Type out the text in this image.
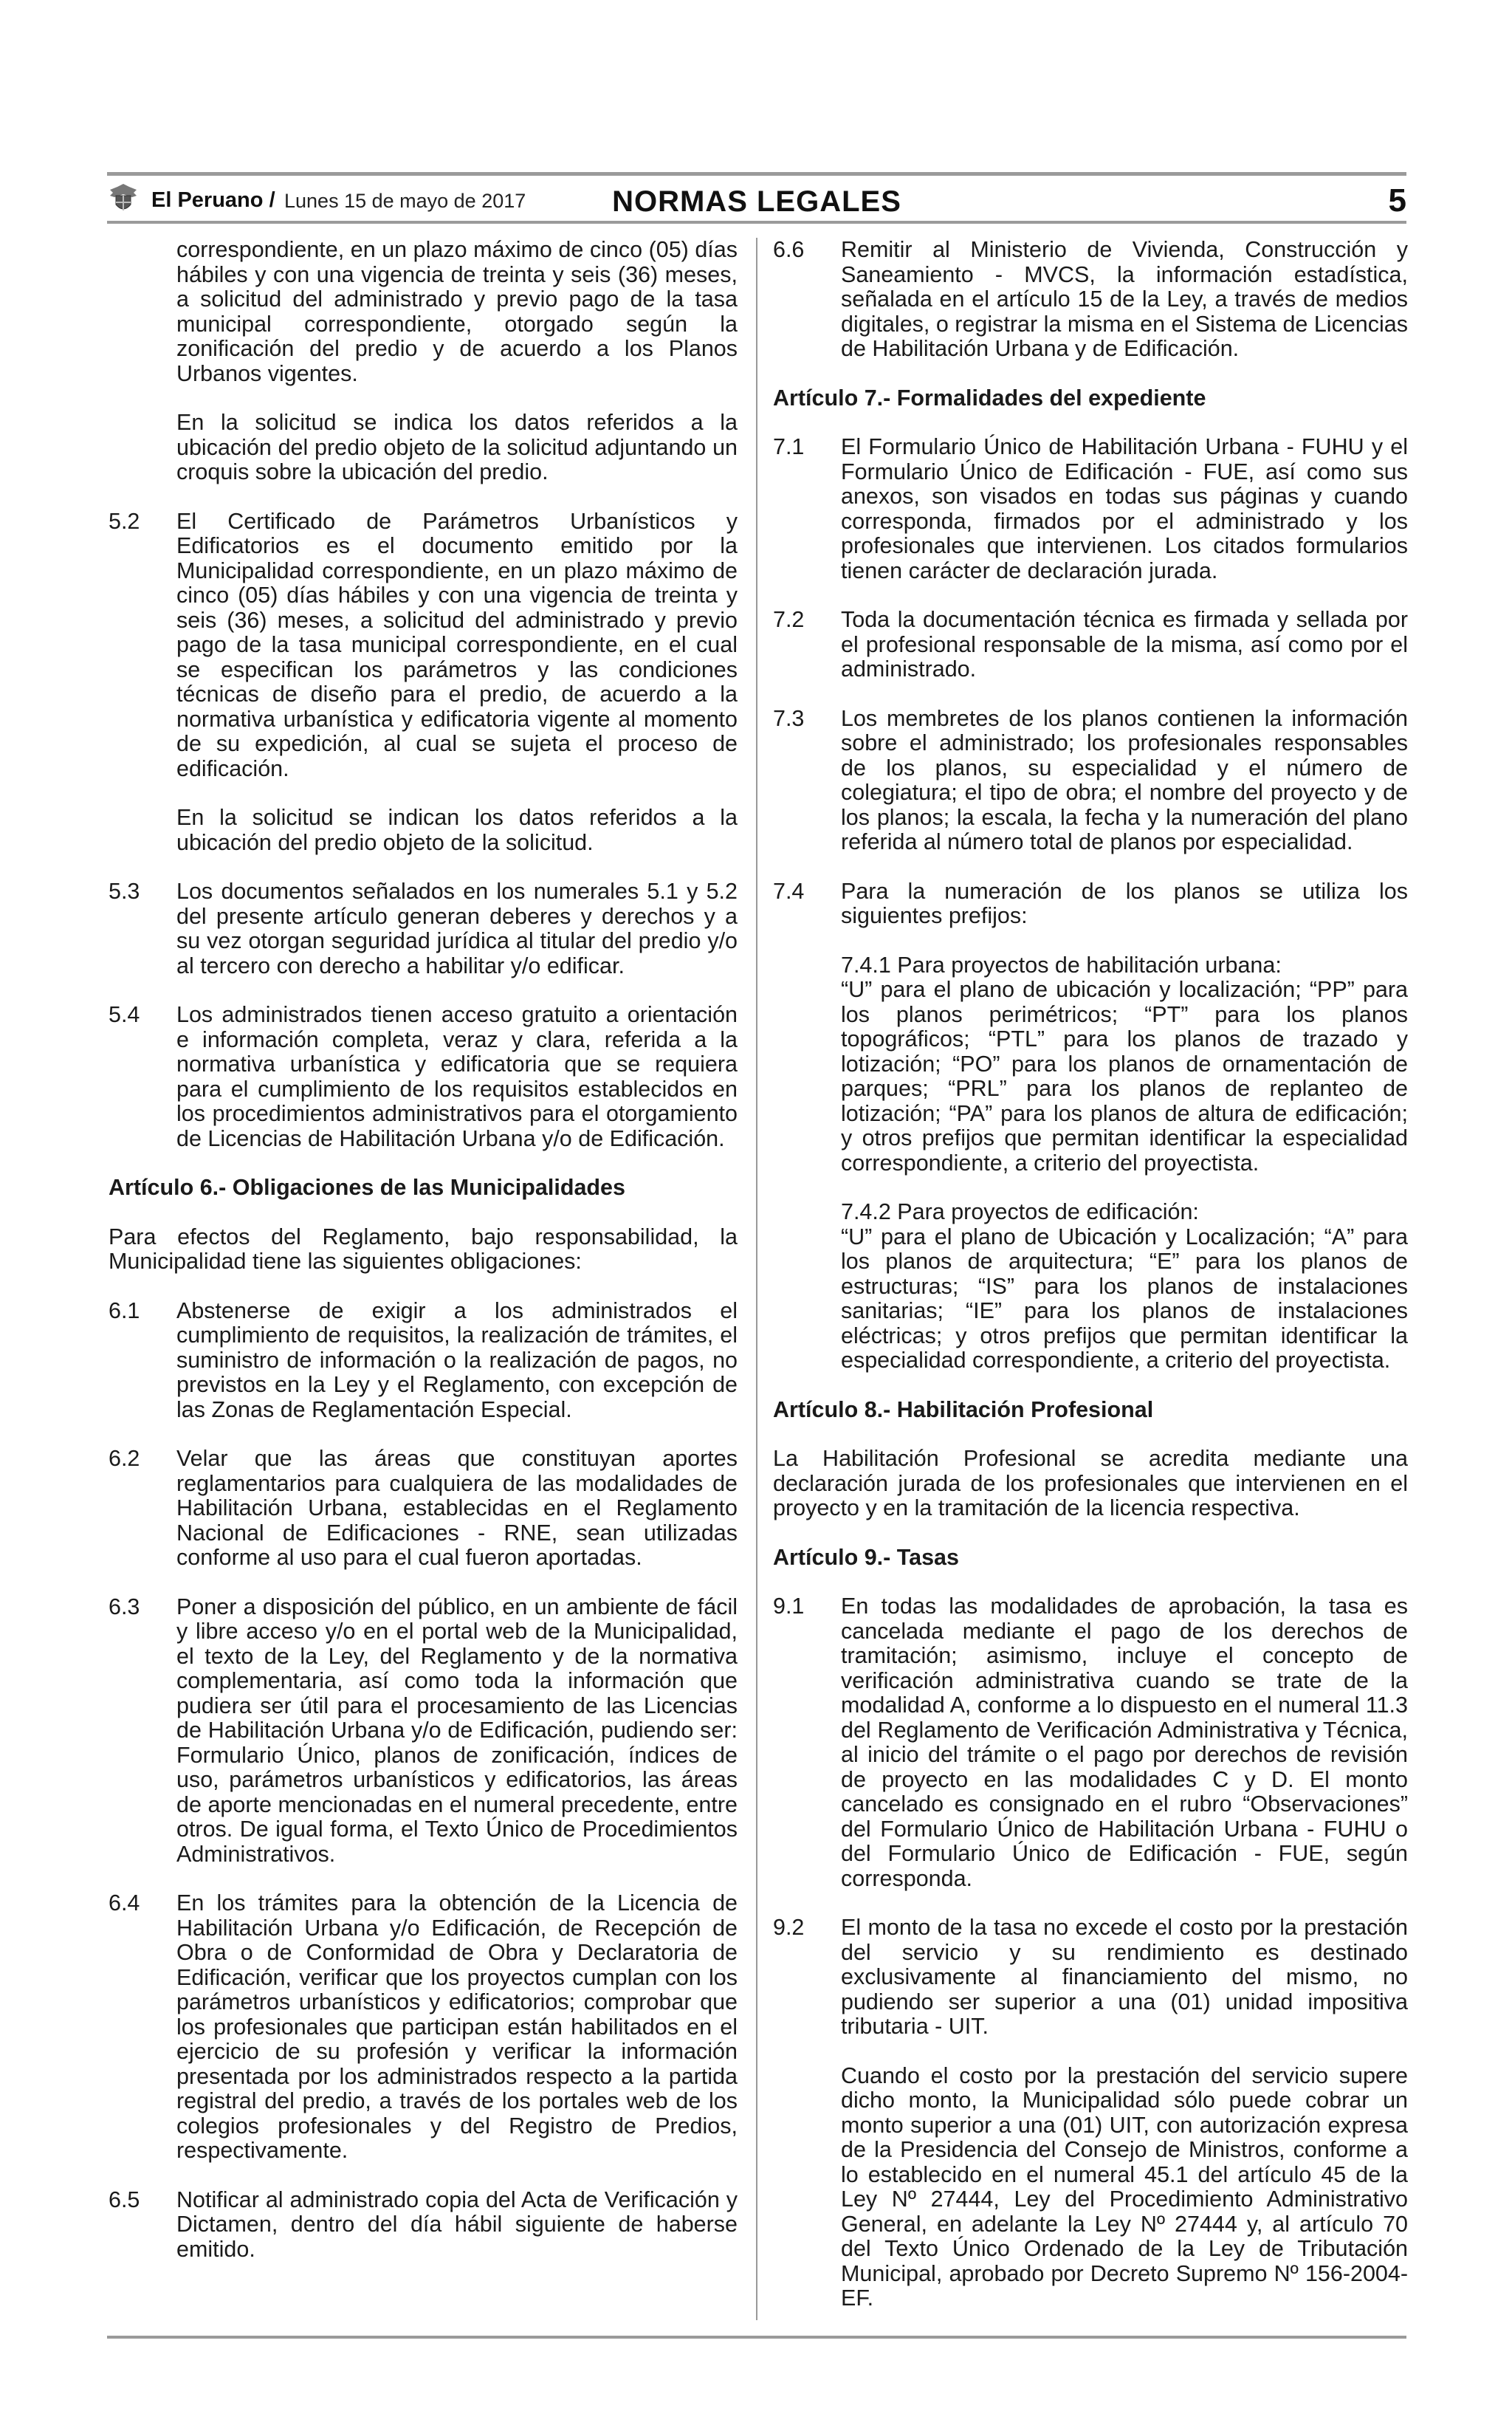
El Peruano / Lunes 15 de mayo de 2017	NORMAS LEGALES	5
correspondiente, en un plazo máximo de cinco (05) días hábiles y con una vigencia de treinta y seis (36) meses, a solicitud del administrado y previo pago de la tasa municipal correspondiente, otorgado según la zonificación del predio y de acuerdo a los Planos Urbanos vigentes.
En la solicitud se indica los datos referidos a la ubicación del predio objeto de la solicitud adjuntando un croquis sobre la ubicación del predio.
5.2	El Certificado de Parámetros Urbanísticos y Edificatorios es el documento emitido por la Municipalidad correspondiente, en un plazo máximo de cinco (05) días hábiles y con una vigencia de treinta y seis (36) meses, a solicitud del administrado y previo pago de la tasa municipal correspondiente, en el cual se especifican los parámetros y las condiciones técnicas de diseño para el predio, de acuerdo a la normativa urbanística y edificatoria vigente al momento de su expedición, al cual se sujeta el proceso de edificación.

En la solicitud se indican los datos referidos a la ubicación del predio objeto de la solicitud.

5.3	Los documentos señalados en los numerales 5.1 y 5.2 del presente artículo generan deberes y derechos y a su vez otorgan seguridad jurídica al titular del predio y/o al tercero con derecho a habilitar y/o edificar.
5.4	Los administrados tienen acceso gratuito a orientación e información completa, veraz y clara, referida a la normativa urbanística y edificatoria que se requiera para el cumplimiento de los requisitos establecidos en los procedimientos administrativos para el otorgamiento de Licencias de Habilitación Urbana y/o de Edificación.
Artículo 6.- Obligaciones de las Municipalidades
Para efectos del Reglamento, bajo responsabilidad, la Municipalidad tiene las siguientes obligaciones:
6.1	Abstenerse de exigir a los administrados el cumplimiento de requisitos, la realización de trámites, el suministro de información o la realización de pagos, no previstos en la Ley y el Reglamento, con excepción de las Zonas de Reglamentación Especial.
6.2	Velar que las áreas que constituyan aportes reglamentarios para cualquiera de las modalidades de Habilitación Urbana, establecidas en el Reglamento Nacional de Edificaciones - RNE, sean utilizadas conforme al uso para el cual fueron aportadas.
6.3	Poner a disposición del público, en un ambiente de fácil y libre acceso y/o en el portal web de la Municipalidad, el texto de la Ley, del Reglamento y de la normativa complementaria, así como toda la información que pudiera ser útil para el procesamiento de las Licencias de Habilitación Urbana y/o de Edificación, pudiendo ser: Formulario Único, planos de zonificación, índices de uso, parámetros urbanísticos y edificatorios, las áreas de aporte mencionadas en el numeral precedente, entre otros. De igual forma, el Texto Único de Procedimientos Administrativos.
6.4	En los trámites para la obtención de la Licencia de Habilitación Urbana y/o Edificación, de Recepción de Obra o de Conformidad de Obra y Declaratoria de Edificación, verificar que los proyectos cumplan con los parámetros urbanísticos y edificatorios; comprobar que los profesionales que participan están habilitados en el ejercicio de su profesión y verificar la información presentada por los administrados respecto a la partida registral del predio, a través de los portales web de los colegios profesionales y del Registro de Predios, respectivamente.
6.5	Notificar al administrado copia del Acta de Verificación y Dictamen, dentro del día hábil siguiente de haberse emitido.
6.6	Remitir al Ministerio de Vivienda, Construcción y Saneamiento - MVCS, la información estadística, señalada en el artículo 15 de la Ley, a través de medios digitales, o registrar la misma en el Sistema de Licencias de Habilitación Urbana y de Edificación.
Artículo 7.- Formalidades del expediente
7.1	El Formulario Único de Habilitación Urbana - FUHU y el Formulario Único de Edificación - FUE, así como sus anexos, son visados en todas sus páginas y cuando corresponda, firmados por el administrado y los profesionales que intervienen. Los citados formularios tienen carácter de declaración jurada.
7.2	Toda la documentación técnica es firmada y sellada por el profesional responsable de la misma, así como por el administrado.
7.3	Los membretes de los planos contienen la información sobre el administrado; los profesionales responsables de los planos, su especialidad y el número de colegiatura; el tipo de obra; el nombre del proyecto y de los planos; la escala, la fecha y la numeración del plano referida al número total de planos por especialidad.
7.4	Para la numeración de los planos se utiliza los siguientes prefijos:
7.4.1 Para proyectos de habilitación urbana:
“U” para el plano de ubicación y localización; “PP” para los planos perimétricos; “PT” para los planos topográficos; “PTL” para los planos de trazado y lotización; “PO” para los planos de ornamentación de parques; “PRL” para los planos de replanteo de lotización; “PA” para los planos de altura de edificación; y otros prefijos que permitan identificar la especialidad correspondiente, a criterio del proyectista.
7.4.2 Para proyectos de edificación:
“U” para el plano de Ubicación y Localización; “A” para los planos de arquitectura; “E” para los planos de estructuras; “IS” para los planos de instalaciones sanitarias; “IE” para los planos de instalaciones eléctricas; y otros prefijos que permitan identificar la especialidad correspondiente, a criterio del proyectista.
Artículo 8.- Habilitación Profesional
La Habilitación Profesional se acredita mediante una declaración jurada de los profesionales que intervienen en el proyecto y en la tramitación de la licencia respectiva.
Artículo 9.- Tasas
9.1	En todas las modalidades de aprobación, la tasa es cancelada mediante el pago de los derechos de tramitación; asimismo, incluye el concepto de verificación administrativa cuando se trate de la modalidad A, conforme a lo dispuesto en el numeral 11.3 del Reglamento de Verificación Administrativa y Técnica, al inicio del trámite o el pago por derechos de revisión de proyecto en las modalidades C y D. El monto cancelado es consignado en el rubro “Observaciones” del Formulario Único de Habilitación Urbana - FUHU o del Formulario Único de Edificación - FUE, según corresponda.
9.2	El monto de la tasa no excede el costo por la prestación del servicio y su rendimiento es destinado exclusivamente al financiamiento del mismo, no pudiendo ser superior a una (01) unidad impositiva tributaria - UIT.

Cuando el costo por la prestación del servicio supere dicho monto, la Municipalidad sólo puede cobrar un monto superior a una (01) UIT, con autorización expresa de la Presidencia del Consejo de Ministros, conforme a lo establecido en el numeral 45.1 del artículo 45 de la Ley Nº 27444, Ley del Procedimiento Administrativo General, en adelante la Ley Nº 27444 y, al artículo 70 del Texto Único Ordenado de la Ley de Tributación Municipal, aprobado por Decreto Supremo Nº 156-2004-EF.
